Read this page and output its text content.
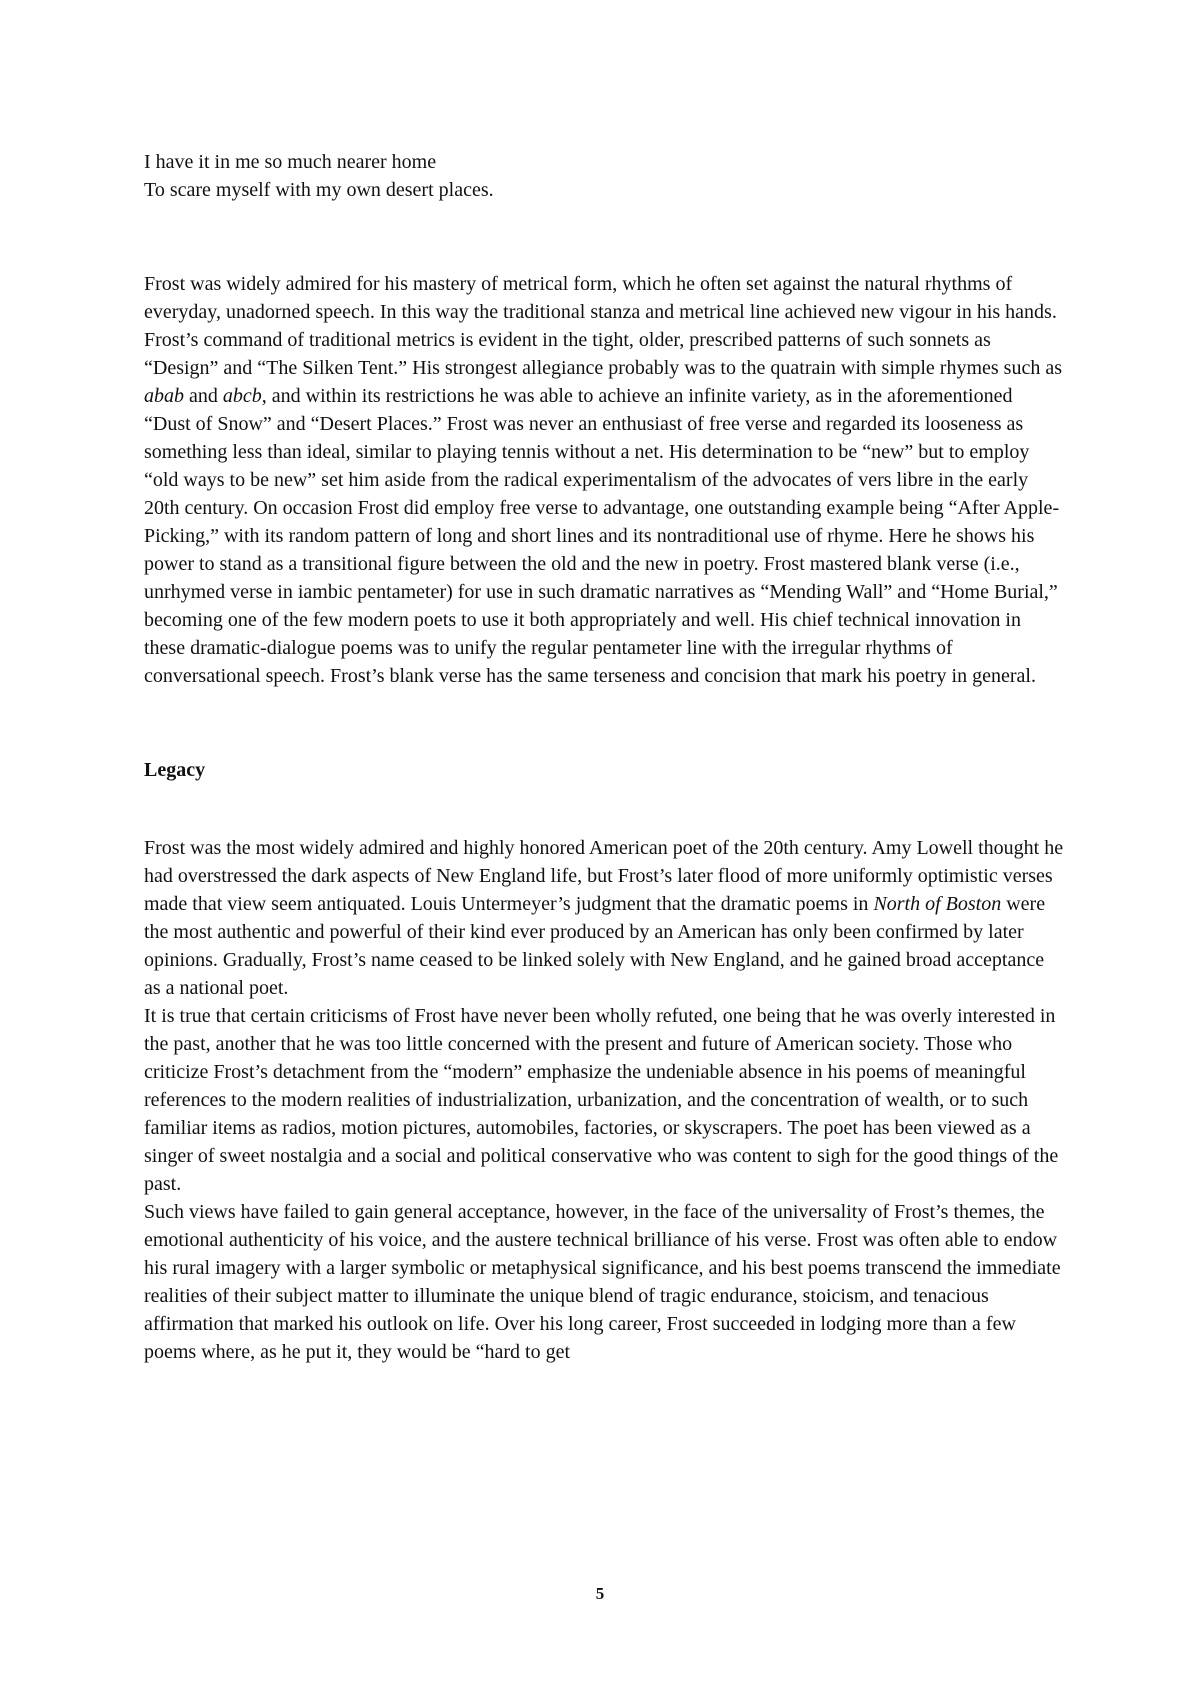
I have it in me so much nearer home
To scare myself with my own desert places.

Frost was widely admired for his mastery of metrical form, which he often set against the natural rhythms of everyday, unadorned speech. In this way the traditional stanza and metrical line achieved new vigour in his hands. Frost’s command of traditional metrics is evident in the tight, older, prescribed patterns of such sonnets as “Design” and “The Silken Tent.” His strongest allegiance probably was to the quatrain with simple rhymes such as abab and abcb, and within its restrictions he was able to achieve an infinite variety, as in the aforementioned “Dust of Snow” and “Desert Places.” Frost was never an enthusiast of free verse and regarded its looseness as something less than ideal, similar to playing tennis without a net. His determination to be “new” but to employ “old ways to be new” set him aside from the radical experimentalism of the advocates of vers libre in the early 20th century. On occasion Frost did employ free verse to advantage, one outstanding example being “After Apple-Picking,” with its random pattern of long and short lines and its nontraditional use of rhyme. Here he shows his power to stand as a transitional figure between the old and the new in poetry. Frost mastered blank verse (i.e., unrhymed verse in iambic pentameter) for use in such dramatic narratives as “Mending Wall” and “Home Burial,” becoming one of the few modern poets to use it both appropriately and well. His chief technical innovation in these dramatic-dialogue poems was to unify the regular pentameter line with the irregular rhythms of conversational speech. Frost’s blank verse has the same terseness and concision that mark his poetry in general.

Legacy

Frost was the most widely admired and highly honored American poet of the 20th century. Amy Lowell thought he had overstressed the dark aspects of New England life, but Frost’s later flood of more uniformly optimistic verses made that view seem antiquated. Louis Untermeyer’s judgment that the dramatic poems in North of Boston were the most authentic and powerful of their kind ever produced by an American has only been confirmed by later opinions. Gradually, Frost’s name ceased to be linked solely with New England, and he gained broad acceptance as a national poet.

It is true that certain criticisms of Frost have never been wholly refuted, one being that he was overly interested in the past, another that he was too little concerned with the present and future of American society. Those who criticize Frost’s detachment from the “modern” emphasize the undeniable absence in his poems of meaningful references to the modern realities of industrialization, urbanization, and the concentration of wealth, or to such familiar items as radios, motion pictures, automobiles, factories, or skyscrapers. The poet has been viewed as a singer of sweet nostalgia and a social and political conservative who was content to sigh for the good things of the past.

Such views have failed to gain general acceptance, however, in the face of the universality of Frost’s themes, the emotional authenticity of his voice, and the austere technical brilliance of his verse. Frost was often able to endow his rural imagery with a larger symbolic or metaphysical significance, and his best poems transcend the immediate realities of their subject matter to illuminate the unique blend of tragic endurance, stoicism, and tenacious affirmation that marked his outlook on life. Over his long career, Frost succeeded in lodging more than a few poems where, as he put it, they would be “hard to get

5
